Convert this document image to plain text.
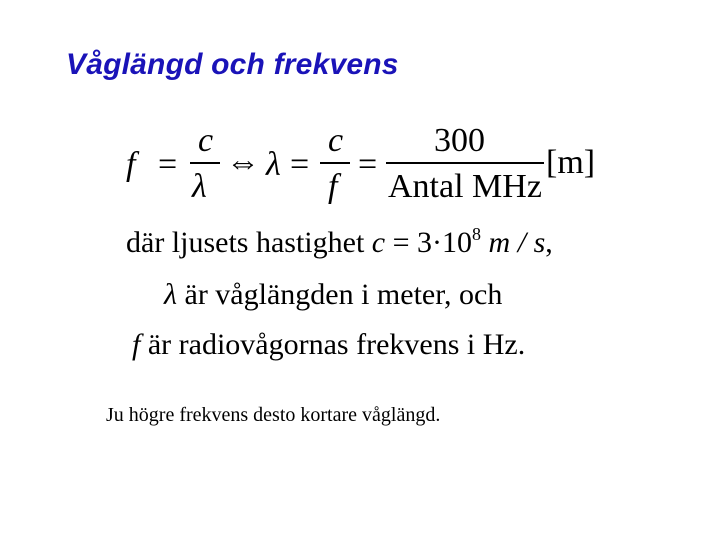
Våglängd och frekvens
f =
c
λ
⇔ λ =
c
f
=
300
Antal MHz
[m]
där ljusets hastighet $c = 3\cdot 10^8$ m / s,
λ är våglängden i meter, och
f är radiovågornas frekvens i Hz.
Ju högre frekvens desto kortare våglängd.
